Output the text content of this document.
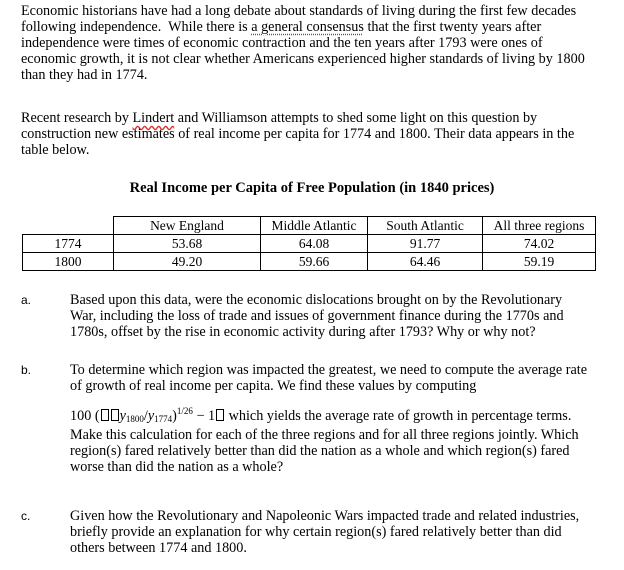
Economic historians have had a long debate about standards of living during the first few decades
following independence.  While there is a general consensus that the first twenty years after
independence were times of economic contraction and the ten years after 1793 were ones of
economic growth, it is not clear whether Americans experienced higher standards of living by 1800
than they had in 1774.
Recent research by Lindert and Williamson attempts to shed some light on this question by
construction new estimates of real income per capita for 1774 and 1800. Their data appears in the
table below.
Real Income per Capita of Free Population (in 1840 prices)
	New England	Middle Atlantic	South Atlantic	All three regions
1774	53.68	64.08	91.77	74.02
1800	49.20	59.66	64.46	59.19
a.	Based upon this data, were the economic dislocations brought on by the Revolutionary
War, including the loss of trade and issues of government finance during the 1770s and
1780s, offset by the rise in economic activity during after 1793? Why or why not?
b.	To determine which region was impacted the greatest, we need to compute the average rate
of growth of real income per capita. We find these values by computing
100 ( $y_{1800}/y_{1774})^{1/26} - 1$ which yields the average rate of growth in percentage terms.
Make this calculation for each of the three regions and for all three regions jointly. Which
region(s) fared relatively better than did the nation as a whole and which region(s) fared
worse than did the nation as a whole?
c.	Given how the Revolutionary and Napoleonic Wars impacted trade and related industries,
briefly provide an explanation for why certain region(s) fared relatively better than did
others between 1774 and 1800.
